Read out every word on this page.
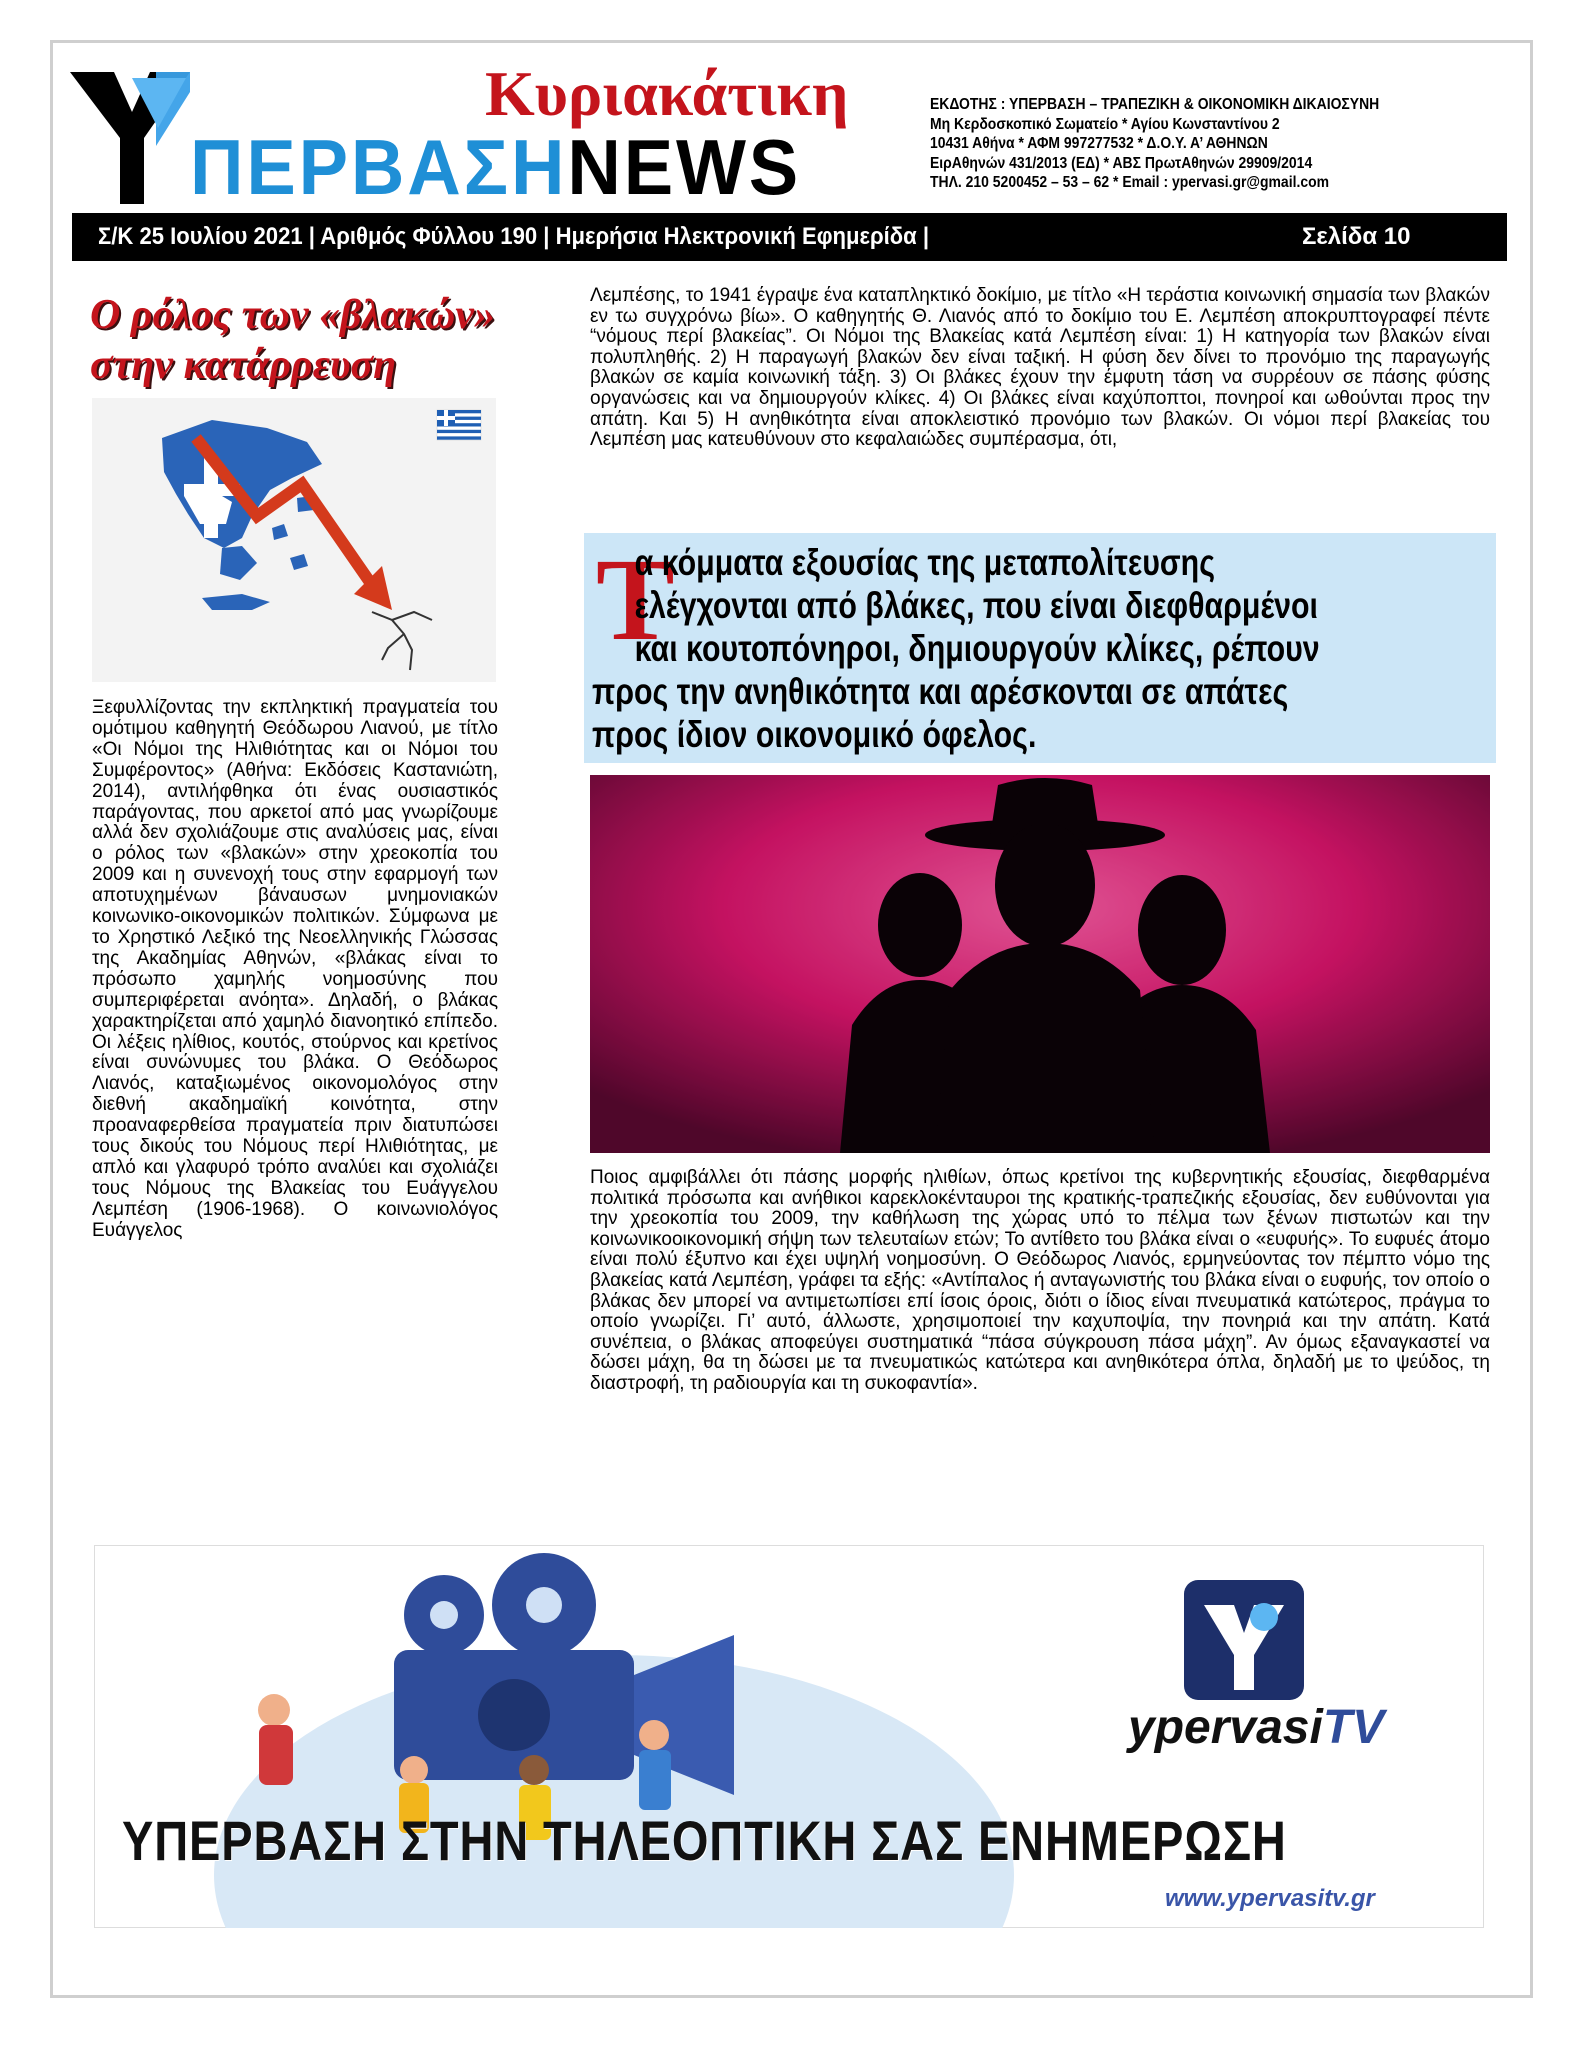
ΠΕΡΒΑΣΗNEWS
Κυριακάτικη	ΕΚΔΟΤΗΣ : ΥΠΕΡΒΑΣΗ – ΤΡΑΠΕΖΙΚΗ & ΟΙΚΟΝΟΜΙΚΗ ΔΙΚΑΙΟΣΥΝΗ
Μη Κερδοσκοπικό Σωματείο * Αγίου Κωνσταντίνου 2
10431 Αθήνα * ΑΦΜ 997277532 * Δ.Ο.Υ. Α’ ΑΘΗΝΩΝ
ΕιρΑθηνών 431/2013 (ΕΔ) * ΑΒΣ ΠρωτΑθηνών 29909/2014
ΤΗΛ. 210 5200452 – 53 – 62 * Email : ypervasi.gr@gmail.com
Σ/Κ 25 Ιουλίου 2021 | Αριθμός Φύλλου 190 | Ημερήσια Ηλεκτρονική Εφημερίδα |	Σελίδα 10
Ο ρόλος των «βλακών»
στην κατάρρευση
Ξεφυλλίζοντας την εκπληκτική πραγματεία του ομότιμου καθηγητή Θεόδωρου Λιανού, με τίτλο «Οι Νόμοι της Ηλιθιότητας και οι Νόμοι του Συμφέροντος» (Αθήνα: Εκδόσεις Καστανιώτη, 2014), αντιλήφθηκα ότι ένας ουσιαστικός παράγοντας, που αρκετοί από μας γνωρίζουμε αλλά δεν σχολιάζουμε στις αναλύσεις μας, είναι ο ρόλος των «βλακών» στην χρεοκοπία του 2009 και η συνενοχή τους στην εφαρμογή των αποτυχημένων βάναυσων μνημονιακών κοινωνικο-οικονομικών πολιτικών. Σύμφωνα με το Χρηστικό Λεξικό της Νεοελληνικής Γλώσσας της Ακαδημίας Αθηνών, «βλάκας είναι το πρόσωπο χαμηλής νοημοσύνης που συμπεριφέρεται ανόητα». Δηλαδή, ο βλάκας χαρακτηρίζεται από χαμηλό διανοητικό επίπεδο. Οι λέξεις ηλίθιος, κουτός, στούρνος και κρετίνος είναι συνώνυμες του βλάκα. Ο Θεόδωρος Λιανός, καταξιωμένος οικονομολόγος στην διεθνή ακαδημαϊκή κοινότητα, στην προαναφερθείσα πραγματεία πριν διατυπώσει τους δικούς του Νόμους περί Ηλιθιότητας, με απλό και γλαφυρό τρόπο αναλύει και σχολιάζει τους Νόμους της Βλακείας του Ευάγγελου Λεμπέση (1906-1968). Ο κοινωνιολόγος Ευάγγελος
Λεμπέσης, το 1941 έγραψε ένα καταπληκτικό δοκίμιο, με τίτλο «Η τεράστια κοινωνική σημασία των βλακών εν τω συγχρόνω βίω». Ο καθηγητής Θ. Λιανός από το δοκίμιο του Ε. Λεμπέση αποκρυπτογραφεί πέντε “νόμους περί βλακείας”. Οι Νόμοι της Βλακείας κατά Λεμπέση είναι: 1) Η κατηγορία των βλακών είναι πολυπληθής. 2) Η παραγωγή βλακών δεν είναι ταξική. Η φύση δεν δίνει το προνόμιο της παραγωγής βλακών σε καμία κοινωνική τάξη. 3) Οι βλάκες έχουν την έμφυτη τάση να συρρέουν σε πάσης φύσης οργανώσεις και να δημιουργούν κλίκες. 4) Οι βλάκες είναι καχύποπτοι, πονηροί και ωθούνται προς την απάτη. Και 5) Η ανηθικότητα είναι αποκλειστικό προνόμιο των βλακών. Οι νόμοι περί βλακείας του Λεμπέση μας κατευθύνουν στο κεφαλαιώδες συμπέρασμα, ότι,
Τ
α κόμματα εξουσίας της μεταπολίτευσης
ελέγχονται από βλάκες, που είναι διεφθαρμένοι
και κουτοπόνηροι, δημιουργούν κλίκες, ρέπουν
προς την ανηθικότητα και αρέσκονται σε απάτες
προς ίδιον οικονομικό όφελος.
Ποιος αμφιβάλλει ότι πάσης μορφής ηλιθίων, όπως κρετίνοι της κυβερνητικής εξουσίας, διεφθαρμένα πολιτικά πρόσωπα και ανήθικοι καρεκλοκένταυροι της κρατικής-τραπεζικής εξουσίας, δεν ευθύνονται για την χρεοκοπία του 2009, την καθήλωση της χώρας υπό το πέλμα των ξένων πιστωτών και την κοινωνικοοικονομική σήψη των τελευταίων ετών; Το αντίθετο του βλάκα είναι ο «ευφυής». Το ευφυές άτομο είναι πολύ έξυπνο και έχει υψηλή νοημοσύνη. Ο Θεόδωρος Λιανός, ερμηνεύοντας τον πέμπτο νόμο της βλακείας κατά Λεμπέση, γράφει τα εξής: «Αντίπαλος ή ανταγωνιστής του βλάκα είναι ο ευφυής, τον οποίο ο βλάκας δεν μπορεί να αντιμετωπίσει επί ίσοις όροις, διότι ο ίδιος είναι πνευματικά κατώτερος, πράγμα το οποίο γνωρίζει. Γι’ αυτό, άλλωστε, χρησιμοποιεί την καχυποψία, την πονηριά και την απάτη. Κατά συνέπεια, ο βλάκας αποφεύγει συστηματικά “πάσα σύγκρουση πάσα μάχη”. Αν όμως εξαναγκαστεί να δώσει μάχη, θα τη δώσει με τα πνευματικώς κατώτερα και ανηθικότερα όπλα, δηλαδή με το ψεύδος, τη διαστροφή, τη ραδιουργία και τη συκοφαντία».
ypervasiTV
ΥΠΕΡΒΑΣΗ ΣΤΗΝ ΤΗΛΕΟΠΤΙΚΗ ΣΑΣ ΕΝΗΜΕΡΩΣΗ
www.ypervasitv.gr
